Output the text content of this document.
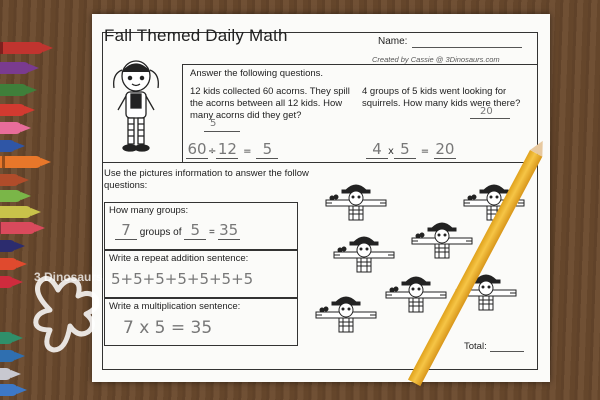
Fall Themed Daily Math	Name:
Created by Cassie @ 3Dinosaurs.com
Answer the following questions.
12 kids collected 60 acorns. They spill the acorns between all 12 kids. How many acorns did they get?
5
4 groups of 5 kids went looking for squirrels. How many kids were there?
20
60÷12 = 5	4 x 5 = 20
Use the pictures information to answer the follow questions:
How many groups:
7 groups of 5 = 35
Write a repeat addition sentence:
5+5+5+5+5+5+5
Write a multiplication sentence:
7 x 5 = 35
Total:
3 Dinosaurs
